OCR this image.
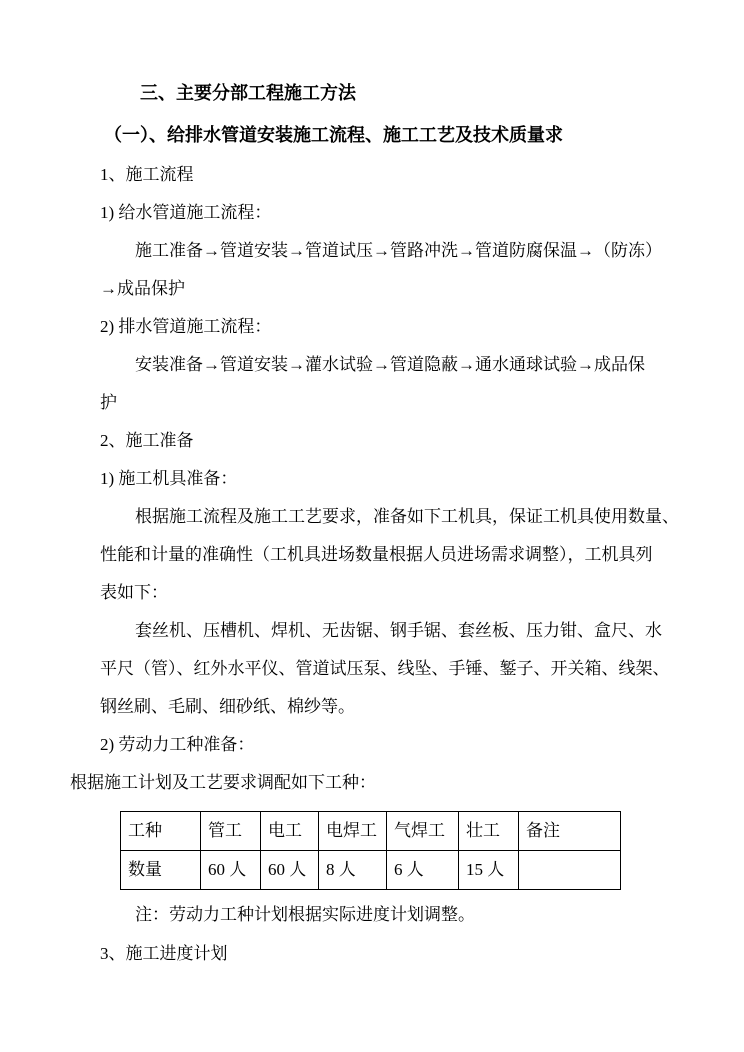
三、主要分部工程施工方法

（一）、给排水管道安装施工流程、施工工艺及技术质量求

1、施工流程

1) 给水管道施工流程：

施工准备→管道安装→管道试压→管路冲洗→管道防腐保温→（防冻）

→成品保护

2) 排水管道施工流程：

安装准备→管道安装→灌水试验→管道隐蔽→通水通球试验→成品保

护

2、施工准备

1) 施工机具准备：

根据施工流程及施工工艺要求，准备如下工机具，保证工机具使用数量、

性能和计量的准确性（工机具进场数量根据人员进场需求调整），工机具列

表如下：

套丝机、压槽机、焊机、无齿锯、钢手锯、套丝板、压力钳、盒尺、水

平尺（管）、红外水平仪、管道试压泵、线坠、手锤、錾子、开关箱、线架、

钢丝刷、毛刷、细砂纸、棉纱等。

2) 劳动力工种准备：

根据施工计划及工艺要求调配如下工种：

工种	管工	电工	电焊工	气焊工	壮工	备注
数量	60 人	60 人	8 人	6 人	15 人	

注：劳动力工种计划根据实际进度计划调整。

3、施工进度计划
